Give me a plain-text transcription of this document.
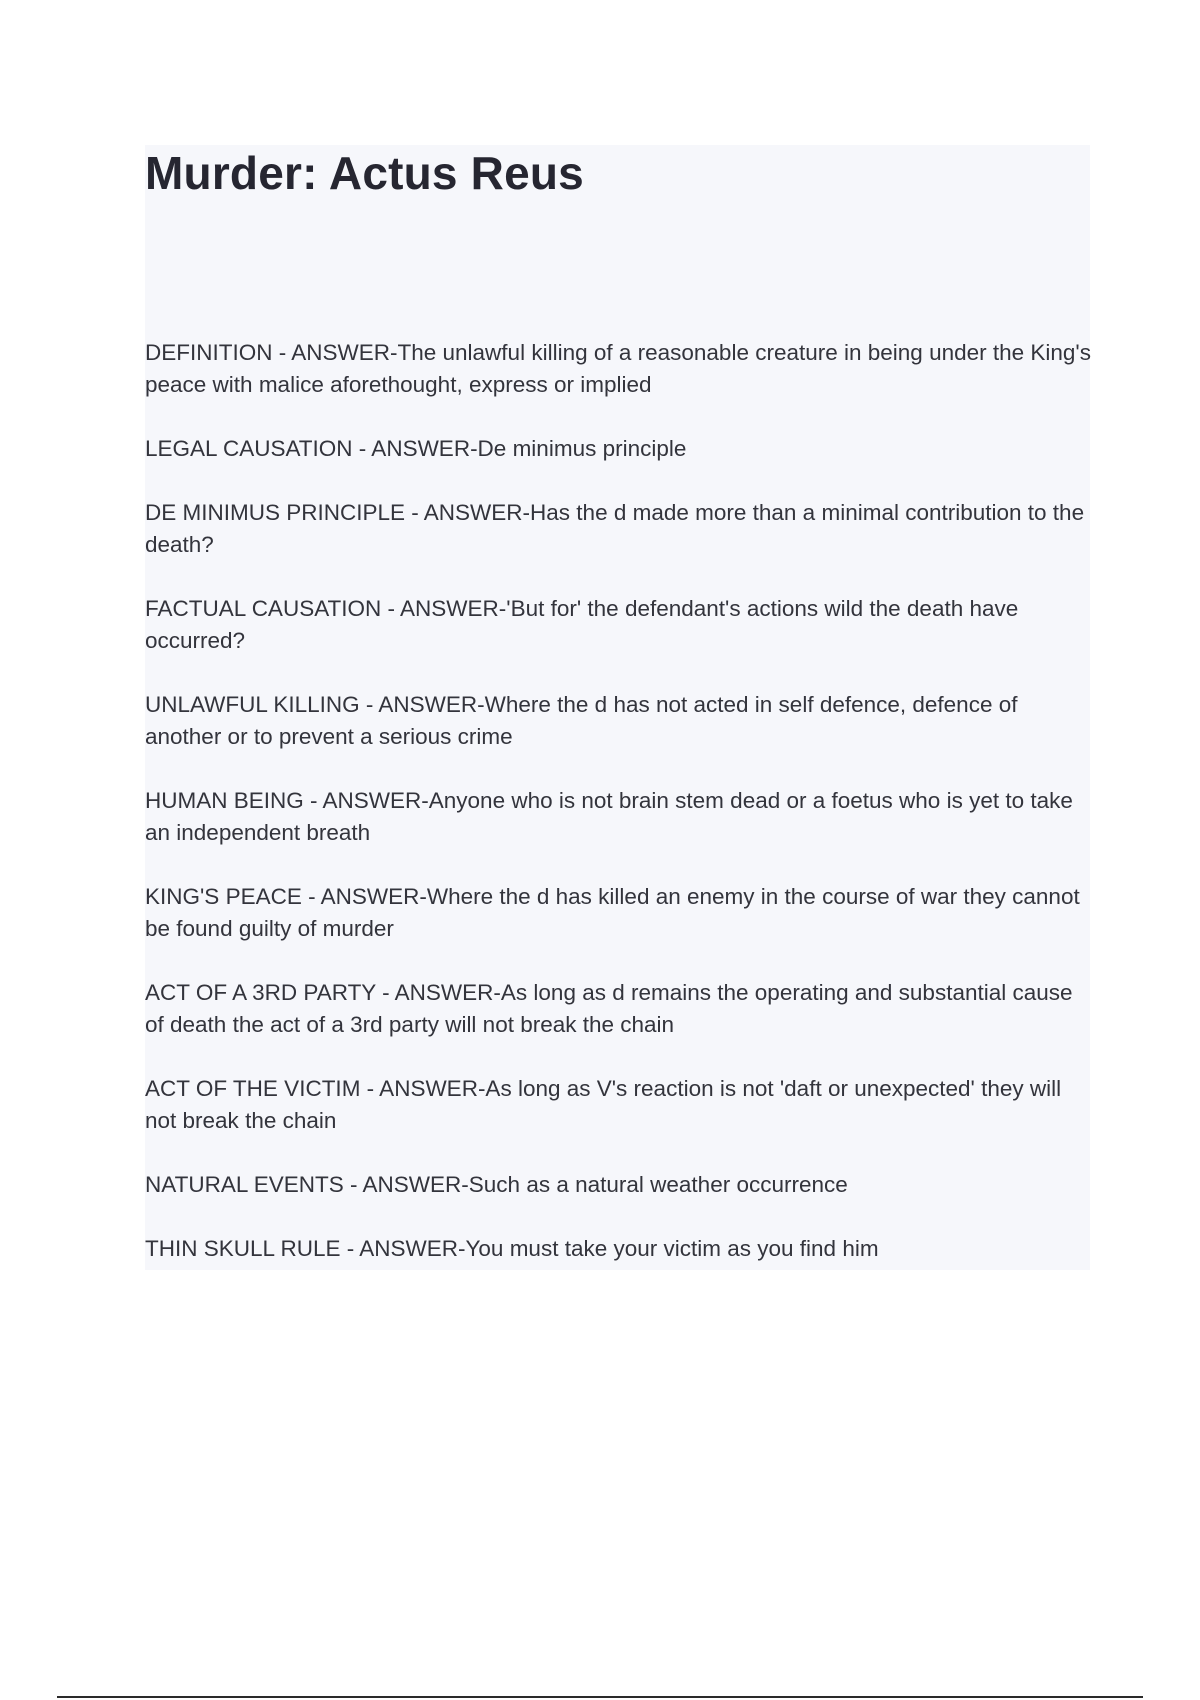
Murder: Actus Reus
DEFINITION - ANSWER-The unlawful killing of a reasonable creature in being under the King's peace with malice aforethought, express or implied
LEGAL CAUSATION - ANSWER-De minimus principle
DE MINIMUS PRINCIPLE - ANSWER-Has the d made more than a minimal contribution to the death?
FACTUAL CAUSATION - ANSWER-'But for' the defendant's actions wild the death have occurred?
UNLAWFUL KILLING - ANSWER-Where the d has not acted in self defence, defence of another or to prevent a serious crime
HUMAN BEING - ANSWER-Anyone who is not brain stem dead or a foetus who is yet to take an independent breath
KING'S PEACE - ANSWER-Where the d has killed an enemy in the course of war they cannot be found guilty of murder
ACT OF A 3RD PARTY - ANSWER-As long as d remains the operating and substantial cause of death the act of a 3rd party will not break the chain
ACT OF THE VICTIM - ANSWER-As long as V's reaction is not 'daft or unexpected' they will not break the chain
NATURAL EVENTS - ANSWER-Such as a natural weather occurrence
THIN SKULL RULE - ANSWER-You must take your victim as you find him
